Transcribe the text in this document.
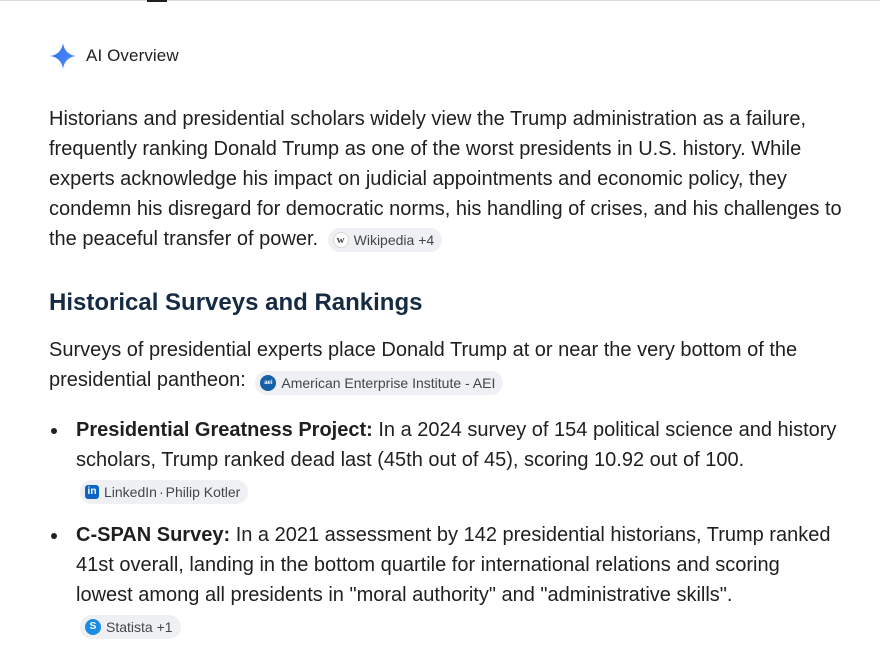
AI Overview

Historians and presidential scholars widely view the Trump administration as a failure, frequently ranking Donald Trump as one of the worst presidents in U.S. history. While experts acknowledge his impact on judicial appointments and economic policy, they condemn his disregard for democratic norms, his handling of crises, and his challenges to the peaceful transfer of power.	w Wikipedia +4

Historical Surveys and Rankings

Surveys of presidential experts place Donald Trump at or near the very bottom of the presidential pantheon:	aei American Enterprise Institute - AEI

Presidential Greatness Project: In a 2024 survey of 154 political science and history scholars, Trump ranked dead last (45th out of 45), scoring 10.92 out of 100.
in LinkedIn · Philip Kotler
C-SPAN Survey: In a 2021 assessment by 142 presidential historians, Trump ranked 41st overall, landing in the bottom quartile for international relations and scoring lowest among all presidents in "moral authority" and "administrative skills".
S Statista +1
